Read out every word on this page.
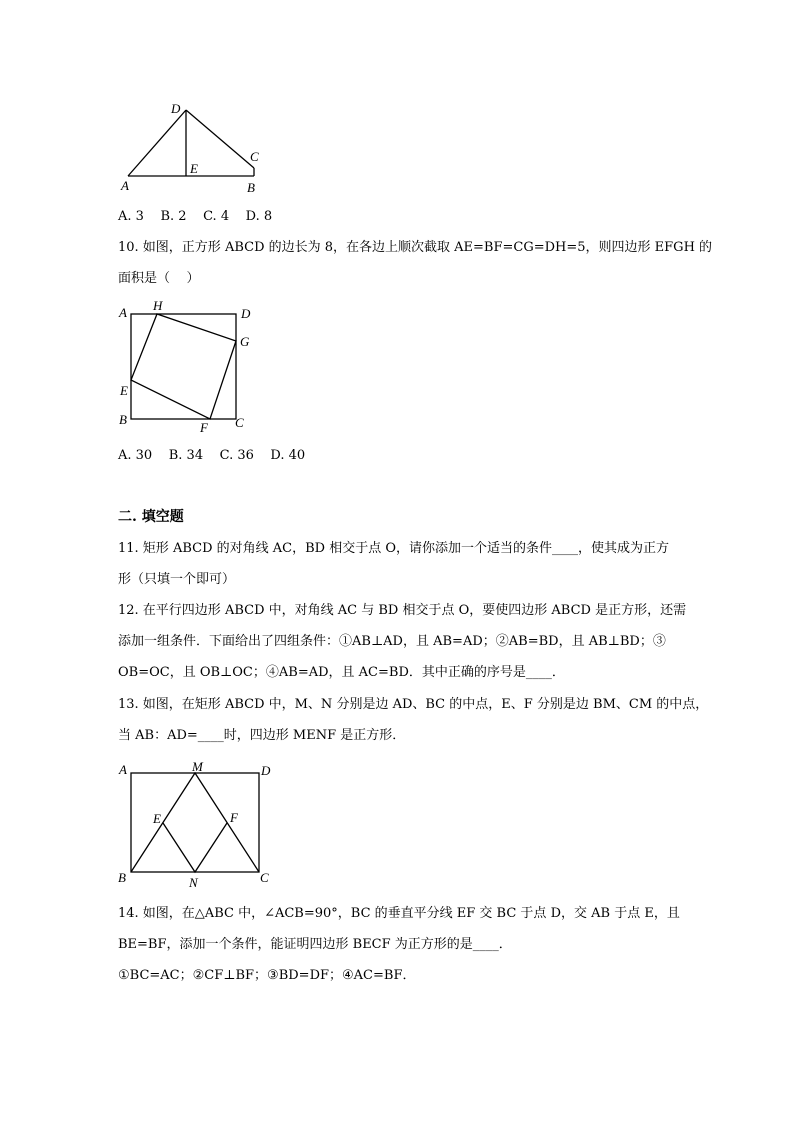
D
C
E
A	B
A. 3    B. 2    C. 4    D. 8
10. 如图，正方形 ABCD 的边长为 8，在各边上顺次截取 AE=BF=CG=DH=5，则四边形 EFGH 的
面积是（    ）
A H
D
G
E
B
F C
A. 30    B. 34    C. 36    D. 40
二. 填空题
11. 矩形 ABCD 的对角线 AC，BD 相交于点 O，请你添加一个适当的条件____，使其成为正方
形（只填一个即可）
12. 在平行四边形 ABCD 中，对角线 AC 与 BD 相交于点 O，要使四边形 ABCD 是正方形，还需
添加一组条件．下面给出了四组条件：①AB⊥AD，且 AB=AD；②AB=BD，且 AB⊥BD；③
OB=OC，且 OB⊥OC；④AB=AD，且 AC=BD．其中正确的序号是____．
13. 如图，在矩形 ABCD 中，M、N 分别是边 AD、BC 的中点，E、F 分别是边 BM、CM 的中点，
当 AB：AD=____时，四边形 MENF 是正方形．
A	M	D
E	F
B	N	C
14. 如图，在△ABC 中，∠ACB=90°，BC 的垂直平分线 EF 交 BC 于点 D，交 AB 于点 E，且
BE=BF，添加一个条件，能证明四边形 BECF 为正方形的是____．
①BC=AC；②CF⊥BF；③BD=DF；④AC=BF．
